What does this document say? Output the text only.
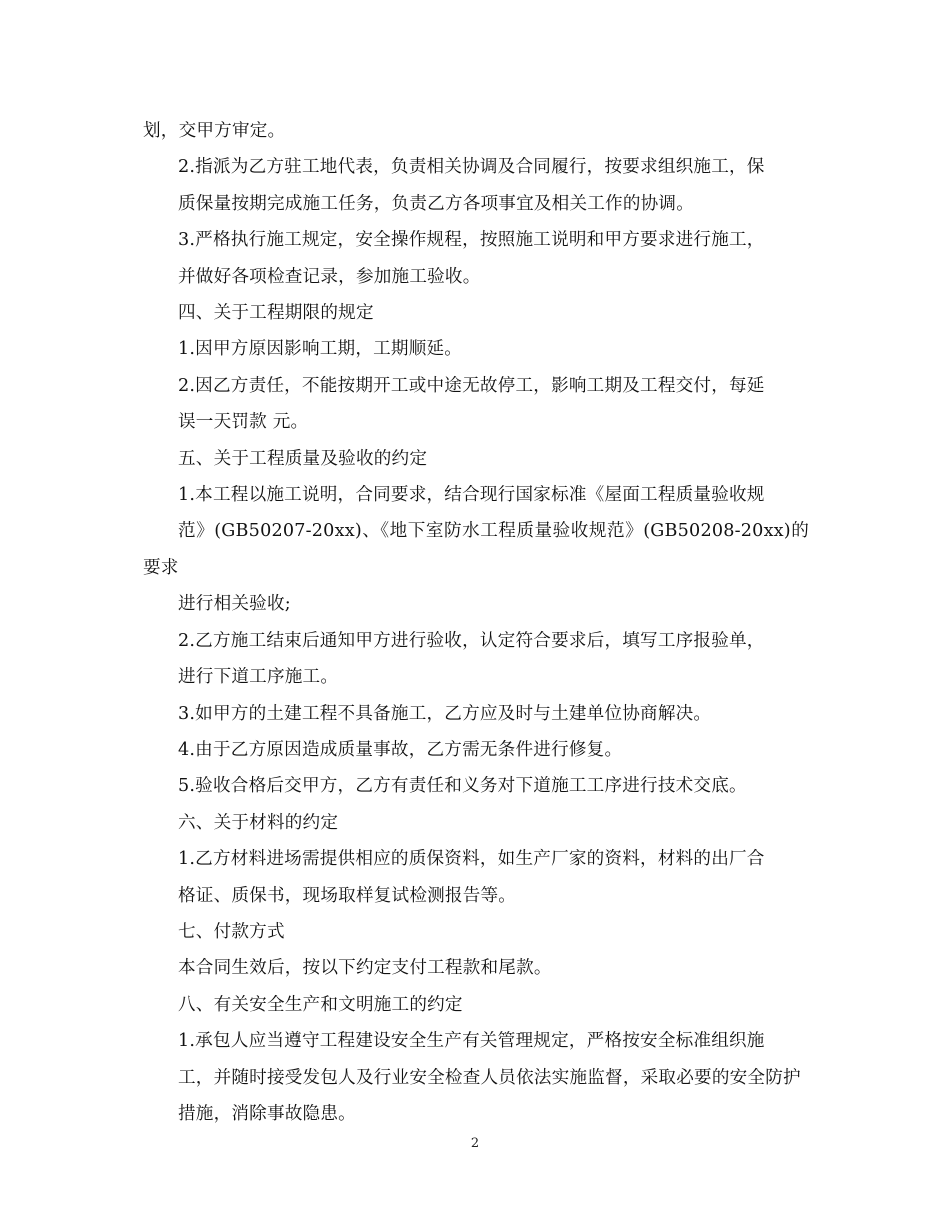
划，交甲方审定。

2.指派为乙方驻工地代表，负责相关协调及合同履行，按要求组织施工，保
质保量按期完成施工任务，负责乙方各项事宜及相关工作的协调。

3.严格执行施工规定，安全操作规程，按照施工说明和甲方要求进行施工，
并做好各项检查记录，参加施工验收。

四、关于工程期限的规定

1.因甲方原因影响工期，工期顺延。

2.因乙方责任，不能按期开工或中途无故停工，影响工期及工程交付，每延
误一天罚款 元。

五、关于工程质量及验收的约定

1.本工程以施工说明，合同要求，结合现行国家标准《屋面工程质量验收规
范》(GB50207-20xx)、《地下室防水工程质量验收规范》(GB50208-20xx)的要求
进行相关验收;

2.乙方施工结束后通知甲方进行验收，认定符合要求后，填写工序报验单，
进行下道工序施工。

3.如甲方的土建工程不具备施工，乙方应及时与土建单位协商解决。

4.由于乙方原因造成质量事故，乙方需无条件进行修复。

5.验收合格后交甲方，乙方有责任和义务对下道施工工序进行技术交底。

六、关于材料的约定

1.乙方材料进场需提供相应的质保资料，如生产厂家的资料，材料的出厂合
格证、质保书，现场取样复试检测报告等。

七、付款方式

本合同生效后，按以下约定支付工程款和尾款。

八、有关安全生产和文明施工的约定

1.承包人应当遵守工程建设安全生产有关管理规定，严格按安全标准组织施
工，并随时接受发包人及行业安全检查人员依法实施监督，采取必要的安全防护
措施，消除事故隐患。

2
